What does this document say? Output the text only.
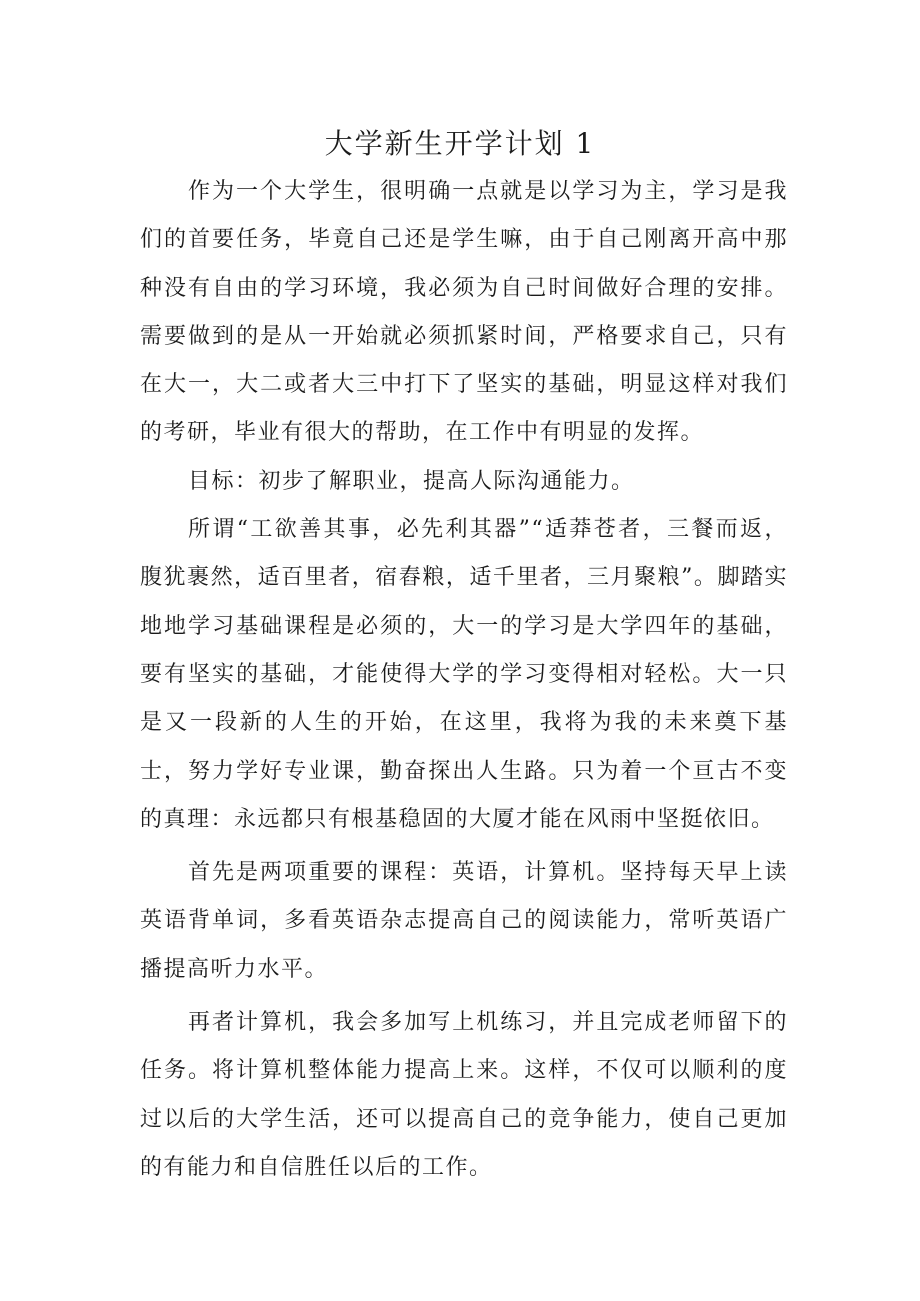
大学新生开学计划 1

作为一个大学生，很明确一点就是以学习为主，学习是我们的首要任务，毕竟自己还是学生嘛，由于自己刚离开高中那种没有自由的学习环境，我必须为自己时间做好合理的安排。需要做到的是从一开始就必须抓紧时间，严格要求自己，只有在大一，大二或者大三中打下了坚实的基础，明显这样对我们的考研，毕业有很大的帮助，在工作中有明显的发挥。

目标：初步了解职业，提高人际沟通能力。

所谓“工欲善其事，必先利其器”“适莽苍者，三餐而返，腹犹裹然，适百里者，宿舂粮，适千里者，三月聚粮”。脚踏实地地学习基础课程是必须的，大一的学习是大学四年的基础，要有坚实的基础，才能使得大学的学习变得相对轻松。大一只是又一段新的人生的开始，在这里，我将为我的未来奠下基士，努力学好专业课，勤奋探出人生路。只为着一个亘古不变的真理：永远都只有根基稳固的大厦才能在风雨中坚挺依旧。

首先是两项重要的课程：英语，计算机。坚持每天早上读英语背单词，多看英语杂志提高自己的阅读能力，常听英语广播提高听力水平。

再者计算机，我会多加写上机练习，并且完成老师留下的任务。将计算机整体能力提高上来。这样，不仅可以顺利的度过以后的大学生活，还可以提高自己的竞争能力，使自己更加的有能力和自信胜任以后的工作。
